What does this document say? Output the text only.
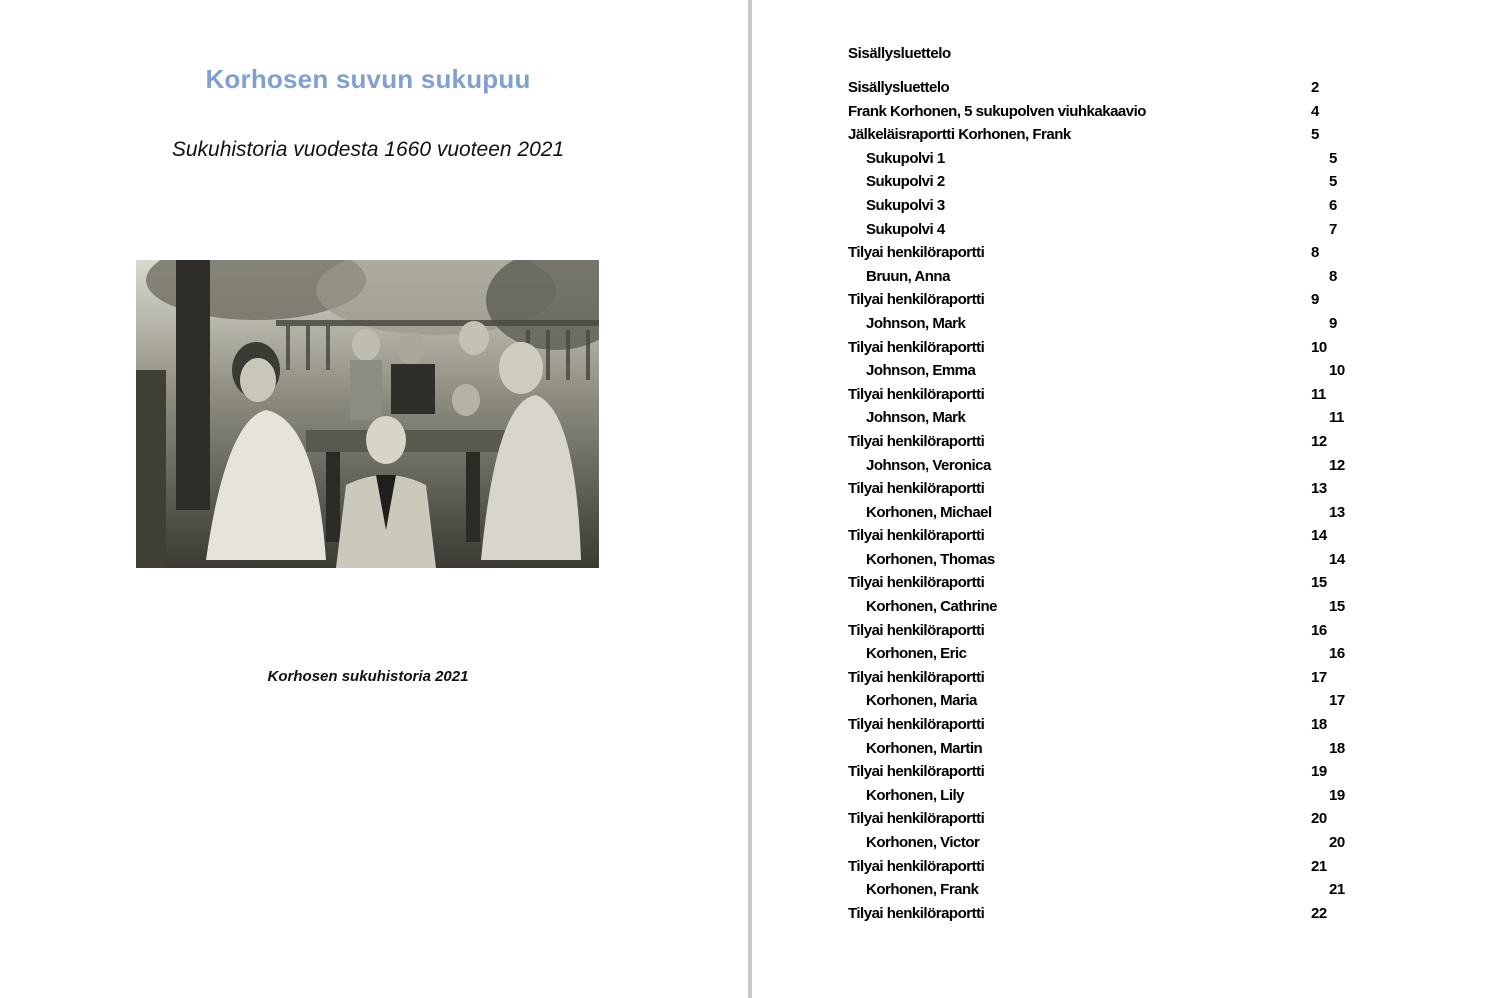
Korhosen suvun sukupuu
Sukuhistoria vuodesta 1660 vuoteen 2021
Korhosen sukuhistoria 2021
Sisällysluettelo
Sisällysluettelo	2
Frank Korhonen, 5 sukupolven viuhkakaavio	4
Jälkeläisraportti Korhonen, Frank	5
Sukupolvi 1	5
Sukupolvi 2	5
Sukupolvi 3	6
Sukupolvi 4	7
Tilyai henkilöraportti	8
Bruun, Anna	8
Tilyai henkilöraportti	9
Johnson, Mark	9
Tilyai henkilöraportti	10
Johnson, Emma	10
Tilyai henkilöraportti	11
Johnson, Mark	11
Tilyai henkilöraportti	12
Johnson, Veronica	12
Tilyai henkilöraportti	13
Korhonen, Michael	13
Tilyai henkilöraportti	14
Korhonen, Thomas	14
Tilyai henkilöraportti	15
Korhonen, Cathrine	15
Tilyai henkilöraportti	16
Korhonen, Eric	16
Tilyai henkilöraportti	17
Korhonen, Maria	17
Tilyai henkilöraportti	18
Korhonen, Martin	18
Tilyai henkilöraportti	19
Korhonen, Lily	19
Tilyai henkilöraportti	20
Korhonen, Victor	20
Tilyai henkilöraportti	21
Korhonen, Frank	21
Tilyai henkilöraportti	22
